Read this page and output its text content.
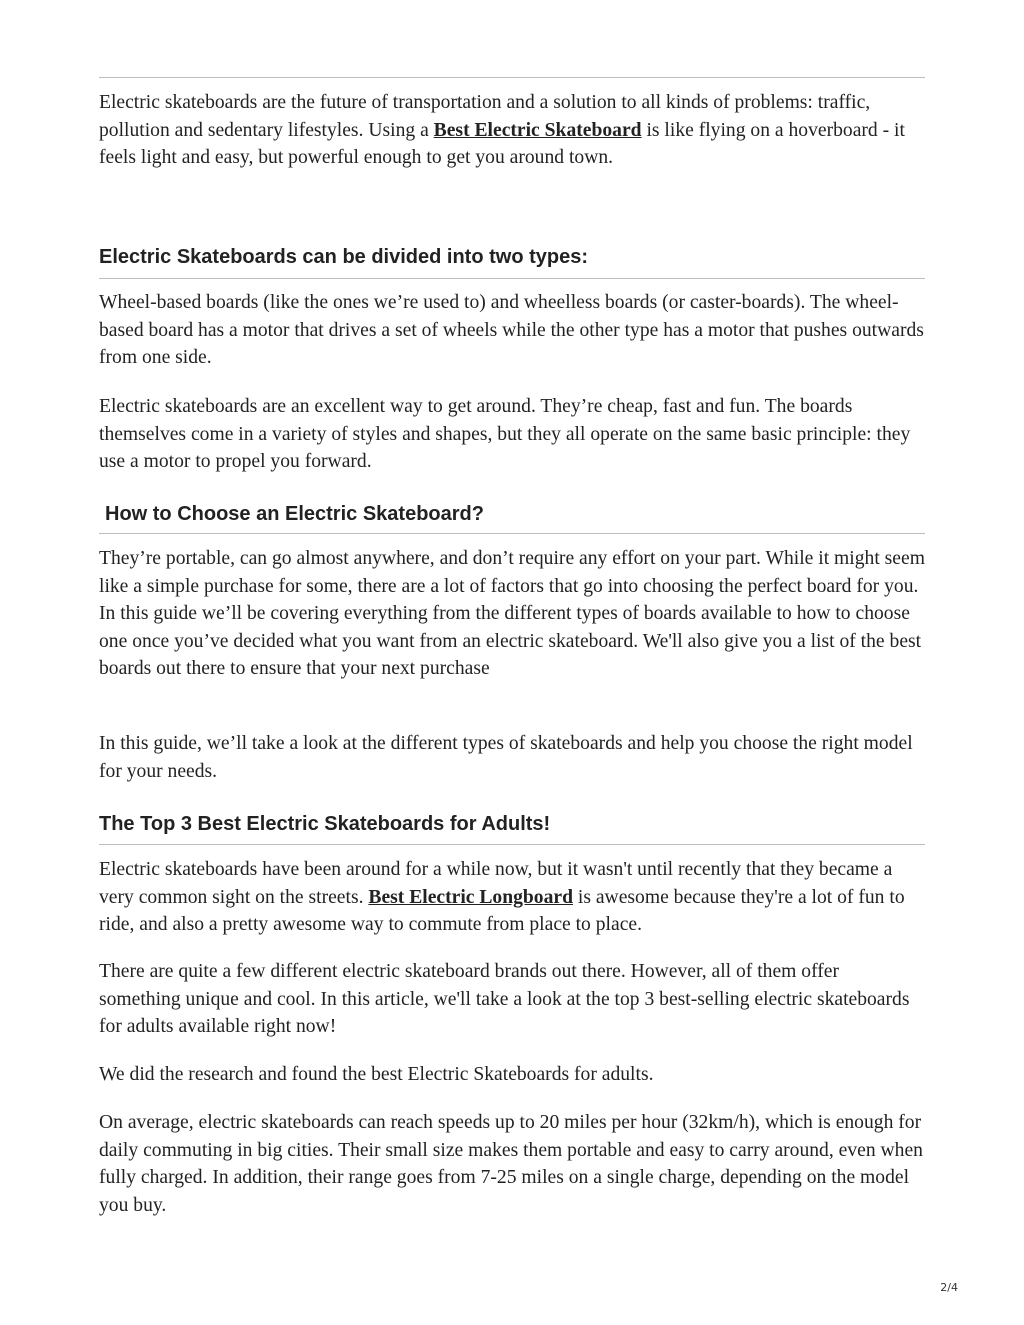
Electric skateboards are the future of transportation and a solution to all kinds of problems: traffic, pollution and sedentary lifestyles. Using a Best Electric Skateboard is like flying on a hoverboard - it feels light and easy, but powerful enough to get you around town.

Electric Skateboards can be divided into two types:

Wheel-based boards (like the ones we’re used to) and wheelless boards (or caster-boards). The wheel-based board has a motor that drives a set of wheels while the other type has a motor that pushes outwards from one side.

Electric skateboards are an excellent way to get around. They’re cheap, fast and fun. The boards themselves come in a variety of styles and shapes, but they all operate on the same basic principle: they use a motor to propel you forward.

How to Choose an Electric Skateboard?

They’re portable, can go almost anywhere, and don’t require any effort on your part. While it might seem like a simple purchase for some, there are a lot of factors that go into choosing the perfect board for you. In this guide we’ll be covering everything from the different types of boards available to how to choose one once you’ve decided what you want from an electric skateboard. We'll also give you a list of the best boards out there to ensure that your next purchase

In this guide, we’ll take a look at the different types of skateboards and help you choose the right model for your needs.

The Top 3 Best Electric Skateboards for Adults!

Electric skateboards have been around for a while now, but it wasn't until recently that they became a very common sight on the streets. Best Electric Longboard is awesome because they're a lot of fun to ride, and also a pretty awesome way to commute from place to place.

There are quite a few different electric skateboard brands out there. However, all of them offer something unique and cool. In this article, we'll take a look at the top 3 best-selling electric skateboards for adults available right now!

We did the research and found the best Electric Skateboards for adults.

On average, electric skateboards can reach speeds up to 20 miles per hour (32km/h), which is enough for daily commuting in big cities. Their small size makes them portable and easy to carry around, even when fully charged. In addition, their range goes from 7-25 miles on a single charge, depending on the model you buy.

2/4
